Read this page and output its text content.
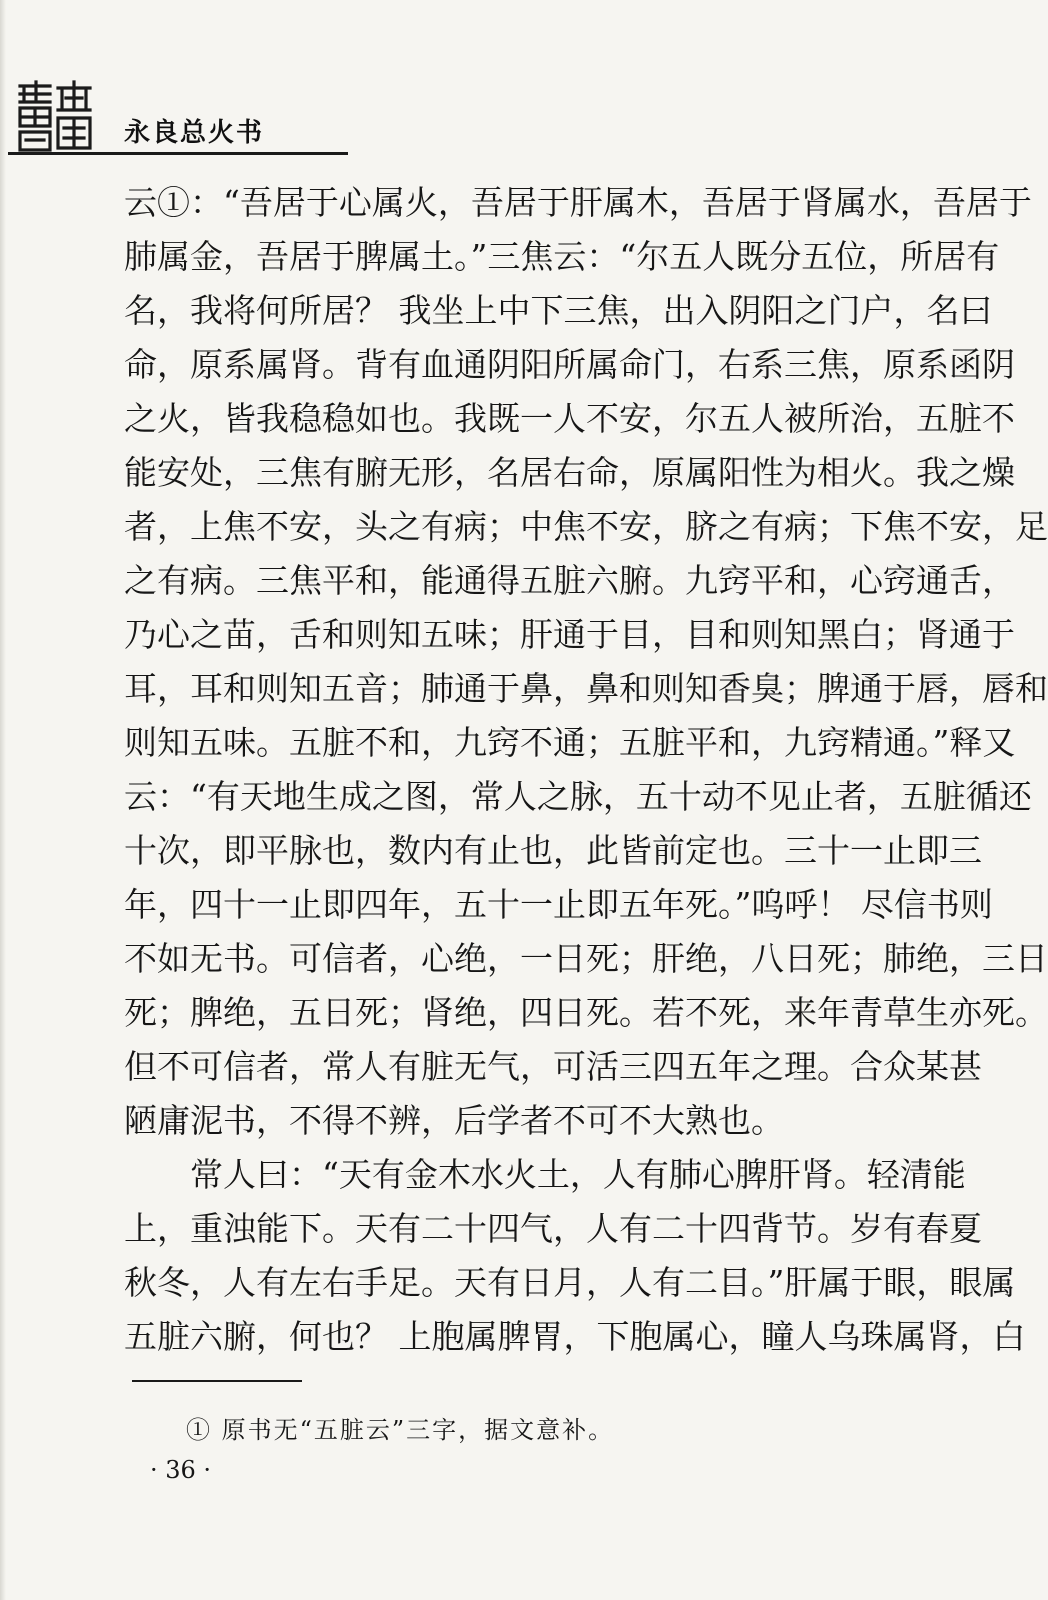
永良总火书
云①：“吾居于心属火，吾居于肝属木，吾居于肾属水，吾居于
肺属金，吾居于脾属土。”三焦云：“尔五人既分五位，所居有
名，我将何所居？ 我坐上中下三焦，出入阴阳之门户，名曰
命，原系属肾。背有血通阴阳所属命门，右系三焦，原系函阴
之火，皆我稳稳如也。我既一人不安，尔五人被所治，五脏不
能安处，三焦有腑无形，名居右命，原属阳性为相火。我之燥
者，上焦不安，头之有病；中焦不安，脐之有病；下焦不安，足
之有病。三焦平和，能通得五脏六腑。九窍平和，心窍通舌，
乃心之苗，舌和则知五味；肝通于目，目和则知黑白；肾通于
耳，耳和则知五音；肺通于鼻，鼻和则知香臭；脾通于唇，唇和
则知五味。五脏不和，九窍不通；五脏平和，九窍精通。”释又
云：“有天地生成之图，常人之脉，五十动不见止者，五脏循还
十次，即平脉也，数内有止也，此皆前定也。三十一止即三
年，四十一止即四年，五十一止即五年死。”呜呼！ 尽信书则
不如无书。可信者，心绝，一日死；肝绝，八日死；肺绝，三日
死；脾绝，五日死；肾绝，四日死。若不死，来年青草生亦死。
但不可信者，常人有脏无气，可活三四五年之理。合众某甚
陋庸泥书，不得不辨，后学者不可不大熟也。
常人曰：“天有金木水火土，人有肺心脾肝肾。轻清能
上，重浊能下。天有二十四气，人有二十四背节。岁有春夏
秋冬，人有左右手足。天有日月，人有二目。”肝属于眼，眼属
五脏六腑，何也？ 上胞属脾胃，下胞属心，瞳人乌珠属肾，白
① 原书无“五脏云”三字，据文意补。
· 36 ·
